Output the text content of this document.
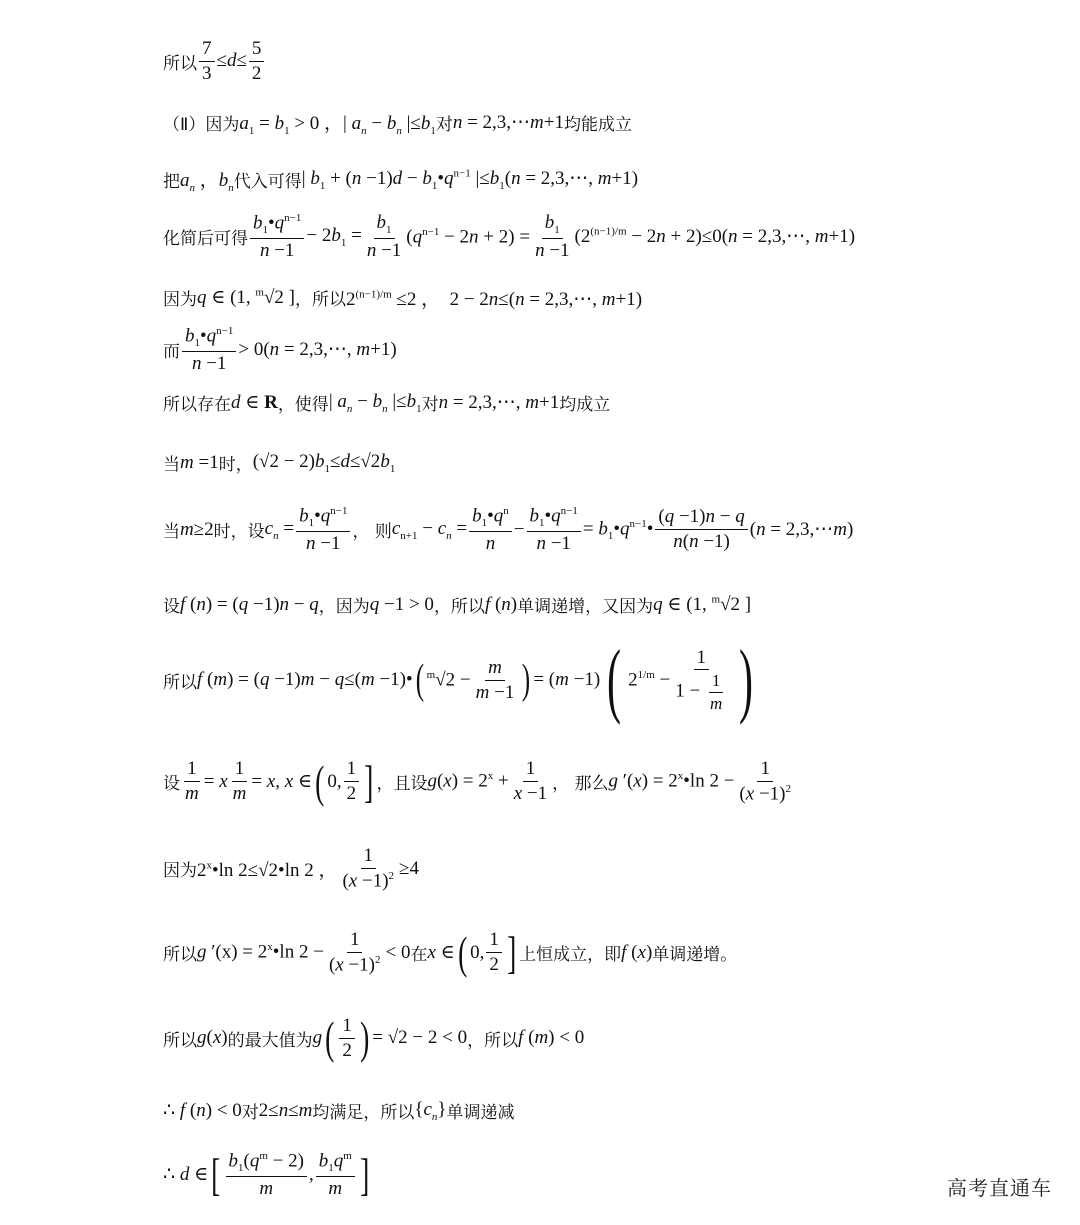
所以 $\frac{7}{3} \le d\le \frac{5}{2}$
（Ⅱ）因为 $a_1 = b_1 > 0$ ，| $a_n - b_n$ $|\le b_1$ 对 n = 2,3,⋯m+1 均能成立
把 $a_n$ ，$b_n$ 代入可得 | $b_1 + (n -1)d$ − $b_1•q^{n-1}$ $|\le b_1(n$ = 2,3,⋯, m+1)
化简后可得 $\frac{b_1•q^{n-1}}{n -1} - 2b_1 = \frac{b_1}{n -1} (q^{n-1} - 2n + 2) = \frac{b_1}{n -1} (2^{(n-1)/m} - 2n + 2)\le 0(n$ = 2,3,⋯, m+1)
因为 q ∈ (1, $^m$√2 ] ，所以 $2^{(n-1)/m} \le 2$ ，  2 − 2n≤(n = 2,3,⋯, m+1)
而 $\frac{b_1•q^{n-1}}{n -1} > 0(n$ = 2,3,⋯, m+1)
所以存在 d ∈ R ，使得 | $a_n - b_n$ $|\le b_1$ 对 n = 2,3,⋯, m+1 均成立
当 m =1 时， $(√2 - 2)b_1\le d\le√2b_1$
当 m≥2 时，设 $c_n = \frac{b_1•q^{n-1}}{n -1}$ ， 则 $c_{n+1} - c_n = \frac{b_1•q^n}{n} - \frac{b_1•q^{n-1}}{n -1}$ = $b_1•q^{n-1}• \frac{(q -1)n - q}{n(n -1)} (n$ = 2,3,⋯m)
设 f (n) = (q −1)n − q ，因为 q −1 > 0 ，所以 f (n) 单调递增，又因为 q ∈ (1, $^m$√2 ]
所以 f (m) = (q −1)m − q≤(m −1)• ( $^m√2 - \frac{m}{m -1}$ ) = (m −1) ( $2^{1/m} - \frac{1}{1 - \frac{1}{m}}$ )
设 $\frac{1}{m} = x \frac{1}{m} = x$, x ∈ ( 0, $\frac{1}{2}$ ] ，且设 $g(x) = 2^x + \frac{1}{x -1}$ ， 那么 g $'(x) = 2^x•\ln$ $2 - \frac{1}{(x -1)^2}$
因为 2$^x$•ln 2≤√2•ln 2 ， $\frac{1}{(x -1)^2} \ge 4$
所以 g $'(x) = 2^x•\ln$ $2 - \frac{1}{(x -1)^2} < 0$ 在 x ∈ ( 0, $\frac{1}{2}$ ] 上恒成立，即 f (x) 单调递增。
所以 g(x) 的最大值为 g ( $\frac{1}{2}$ ) = √2 − 2 < 0 ，所以 f (m) < 0
∴ f (n) < 0 对 2≤n≤m 均满足，所以 $\{c_n\}$ 单调递减
∴ d ∈ [ $\frac{b_1(q^m - 2)}{m}$ , $\frac{b_1q^m}{m}$ ]	高考直通车
